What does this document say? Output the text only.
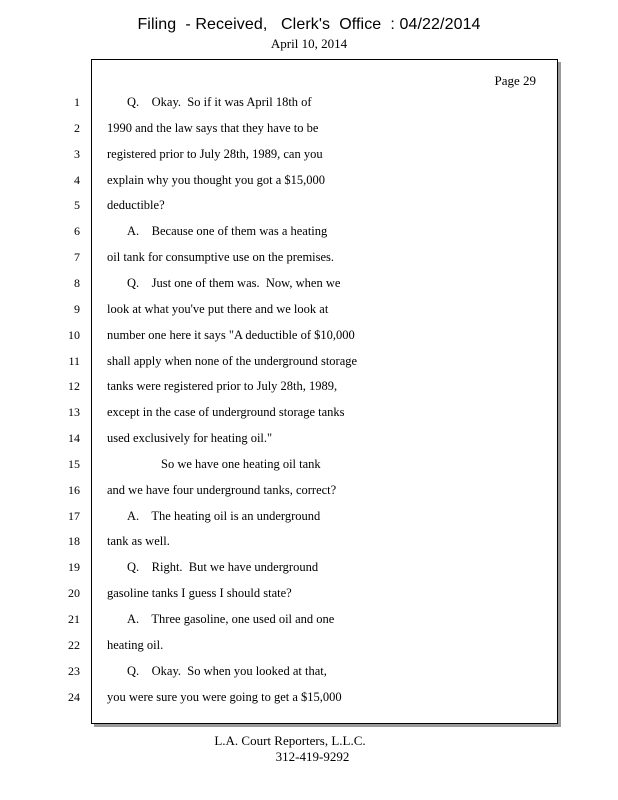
Filing  - Received,   Clerk's  Office  : 04/22/2014
April 10, 2014
Page 29
1	Q.    Okay.  So if it was April 18th of
2 1990 and the law says that they have to be
3 registered prior to July 28th, 1989, can you
4 explain why you thought you got a $15,000
5 deductible?
6	A.    Because one of them was a heating
7 oil tank for consumptive use on the premises.
8	Q.    Just one of them was.  Now, when we
9 look at what you've put there and we look at
10 number one here it says "A deductible of $10,000
11 shall apply when none of the underground storage
12 tanks were registered prior to July 28th, 1989,
13 except in the case of underground storage tanks
14 used exclusively for heating oil."
15	So we have one heating oil tank
16 and we have four underground tanks, correct?
17	A.    The heating oil is an underground
18 tank as well.
19	Q.    Right.  But we have underground
20 gasoline tanks I guess I should state?
21	A.    Three gasoline, one used oil and one
22 heating oil.
23	Q.    Okay.  So when you looked at that,
24 you were sure you were going to get a $15,000
L.A. Court Reporters, L.L.C.
312-419-9292
